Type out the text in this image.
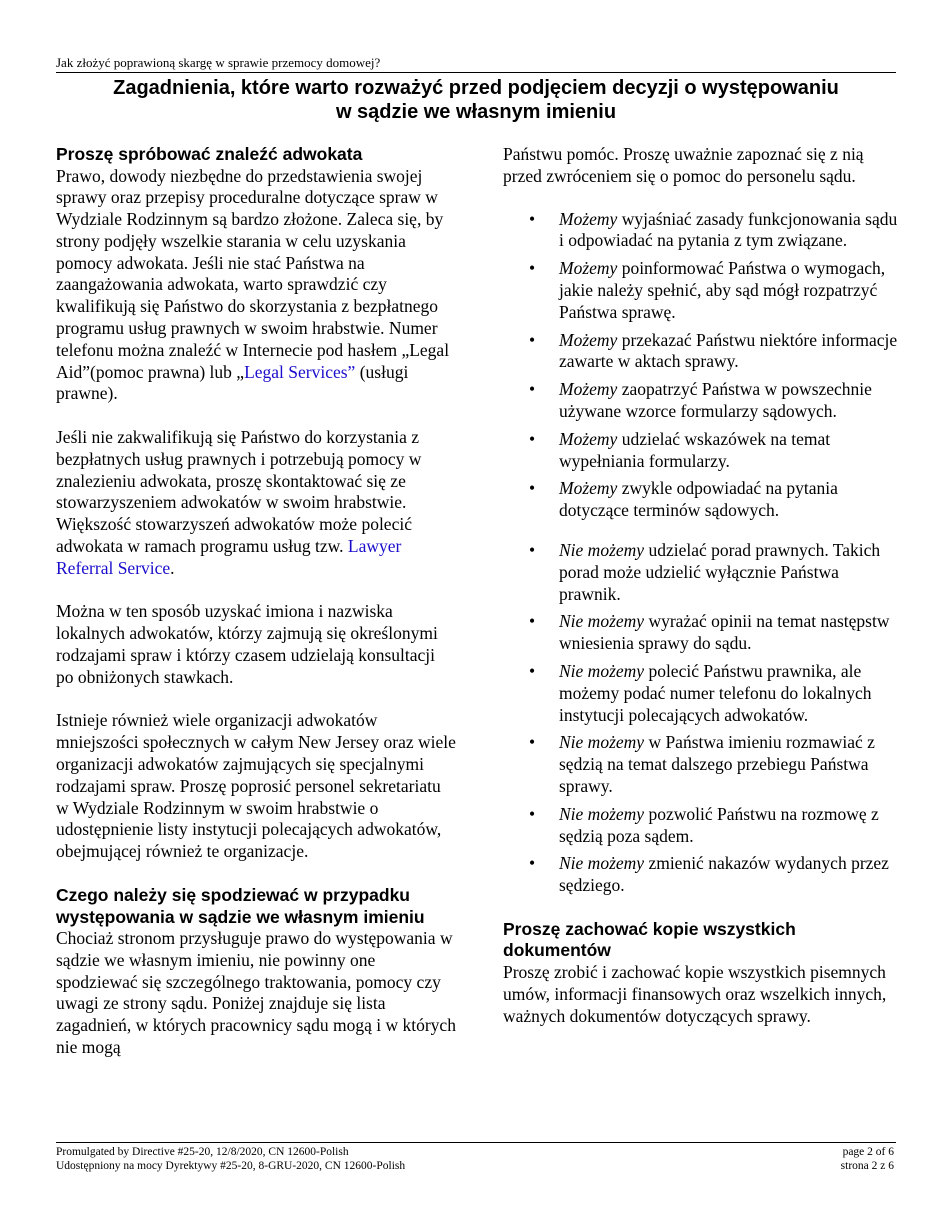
Jak złożyć poprawioną skargę w sprawie przemocy domowej?
Zagadnienia, które warto rozważyć przed podjęciem decyzji o występowaniu
w sądzie we własnym imieniu
Proszę spróbować znaleźć adwokata

Prawo, dowody niezbędne do przedstawienia swojej sprawy oraz przepisy proceduralne dotyczące spraw w Wydziale Rodzinnym są bardzo złożone. Zaleca się, by strony podjęły wszelkie starania w celu uzyskania pomocy adwokata. Jeśli nie stać Państwa na zaangażowania adwokata, warto sprawdzić czy kwalifikują się Państwo do skorzystania z bezpłatnego programu usług prawnych w swoim hrabstwie. Numer telefonu można znaleźć w Internecie pod hasłem „Legal Aid”(pomoc prawna) lub „Legal Services” (usługi prawne).

Jeśli nie zakwalifikują się Państwo do korzystania z bezpłatnych usług prawnych i potrzebują pomocy w znalezieniu adwokata, proszę skontaktować się ze stowarzyszeniem adwokatów w swoim hrabstwie. Większość stowarzyszeń adwokatów może polecić adwokata w ramach programu usług tzw. Lawyer Referral Service.

Można w ten sposób uzyskać imiona i nazwiska lokalnych adwokatów, którzy zajmują się określonymi rodzajami spraw i którzy czasem udzielają konsultacji po obniżonych stawkach.

Istnieje również wiele organizacji adwokatów mniejszości społecznych w całym New Jersey oraz wiele organizacji adwokatów zajmujących się specjalnymi rodzajami spraw. Proszę poprosić personel sekretariatu w Wydziale Rodzinnym w swoim hrabstwie o udostępnienie listy instytucji polecających adwokatów, obejmującej również te organizacje.

Czego należy się spodziewać w przypadku występowania w sądzie we własnym imieniu

Chociaż stronom przysługuje prawo do występowania w sądzie we własnym imieniu, nie powinny one spodziewać się szczególnego traktowania, pomocy czy uwagi ze strony sądu. Poniżej znajduje się lista zagadnień, w których pracownicy sądu mogą i w których nie mogą

Państwu pomóc. Proszę uważnie zapoznać się z nią przed zwróceniem się o pomoc do personelu sądu.

• Możemy wyjaśniać zasady funkcjonowania sądu i odpowiadać na pytania z tym związane.
• Możemy poinformować Państwa o wymogach, jakie należy spełnić, aby sąd mógł rozpatrzyć Państwa sprawę.
• Możemy przekazać Państwu niektóre informacje zawarte w aktach sprawy.
• Możemy zaopatrzyć Państwa w powszechnie używane wzorce formularzy sądowych.
• Możemy udzielać wskazówek na temat wypełniania formularzy.
• Możemy zwykle odpowiadać na pytania dotyczące terminów sądowych.
• Nie możemy udzielać porad prawnych. Takich porad może udzielić wyłącznie Państwa prawnik.
• Nie możemy wyrażać opinii na temat następstw wniesienia sprawy do sądu.
• Nie możemy polecić Państwu prawnika, ale możemy podać numer telefonu do lokalnych instytucji polecających adwokatów.
• Nie możemy w Państwa imieniu rozmawiać z sędzią na temat dalszego przebiegu Państwa sprawy.
• Nie możemy pozwolić Państwu na rozmowę z sędzią poza sądem.
• Nie możemy zmienić nakazów wydanych przez sędziego.
Proszę zachować kopie wszystkich dokumentów

Proszę zrobić i zachować kopie wszystkich pisemnych umów, informacji finansowych oraz wszelkich innych, ważnych dokumentów dotyczących sprawy.

Promulgated by Directive #25-20, 12/8/2020, CN 12600-Polish
Udostępniony na mocy Dyrektywy #25-20, 8-GRU-2020, CN 12600-Polish
page 2 of 6
strona 2 z 6
